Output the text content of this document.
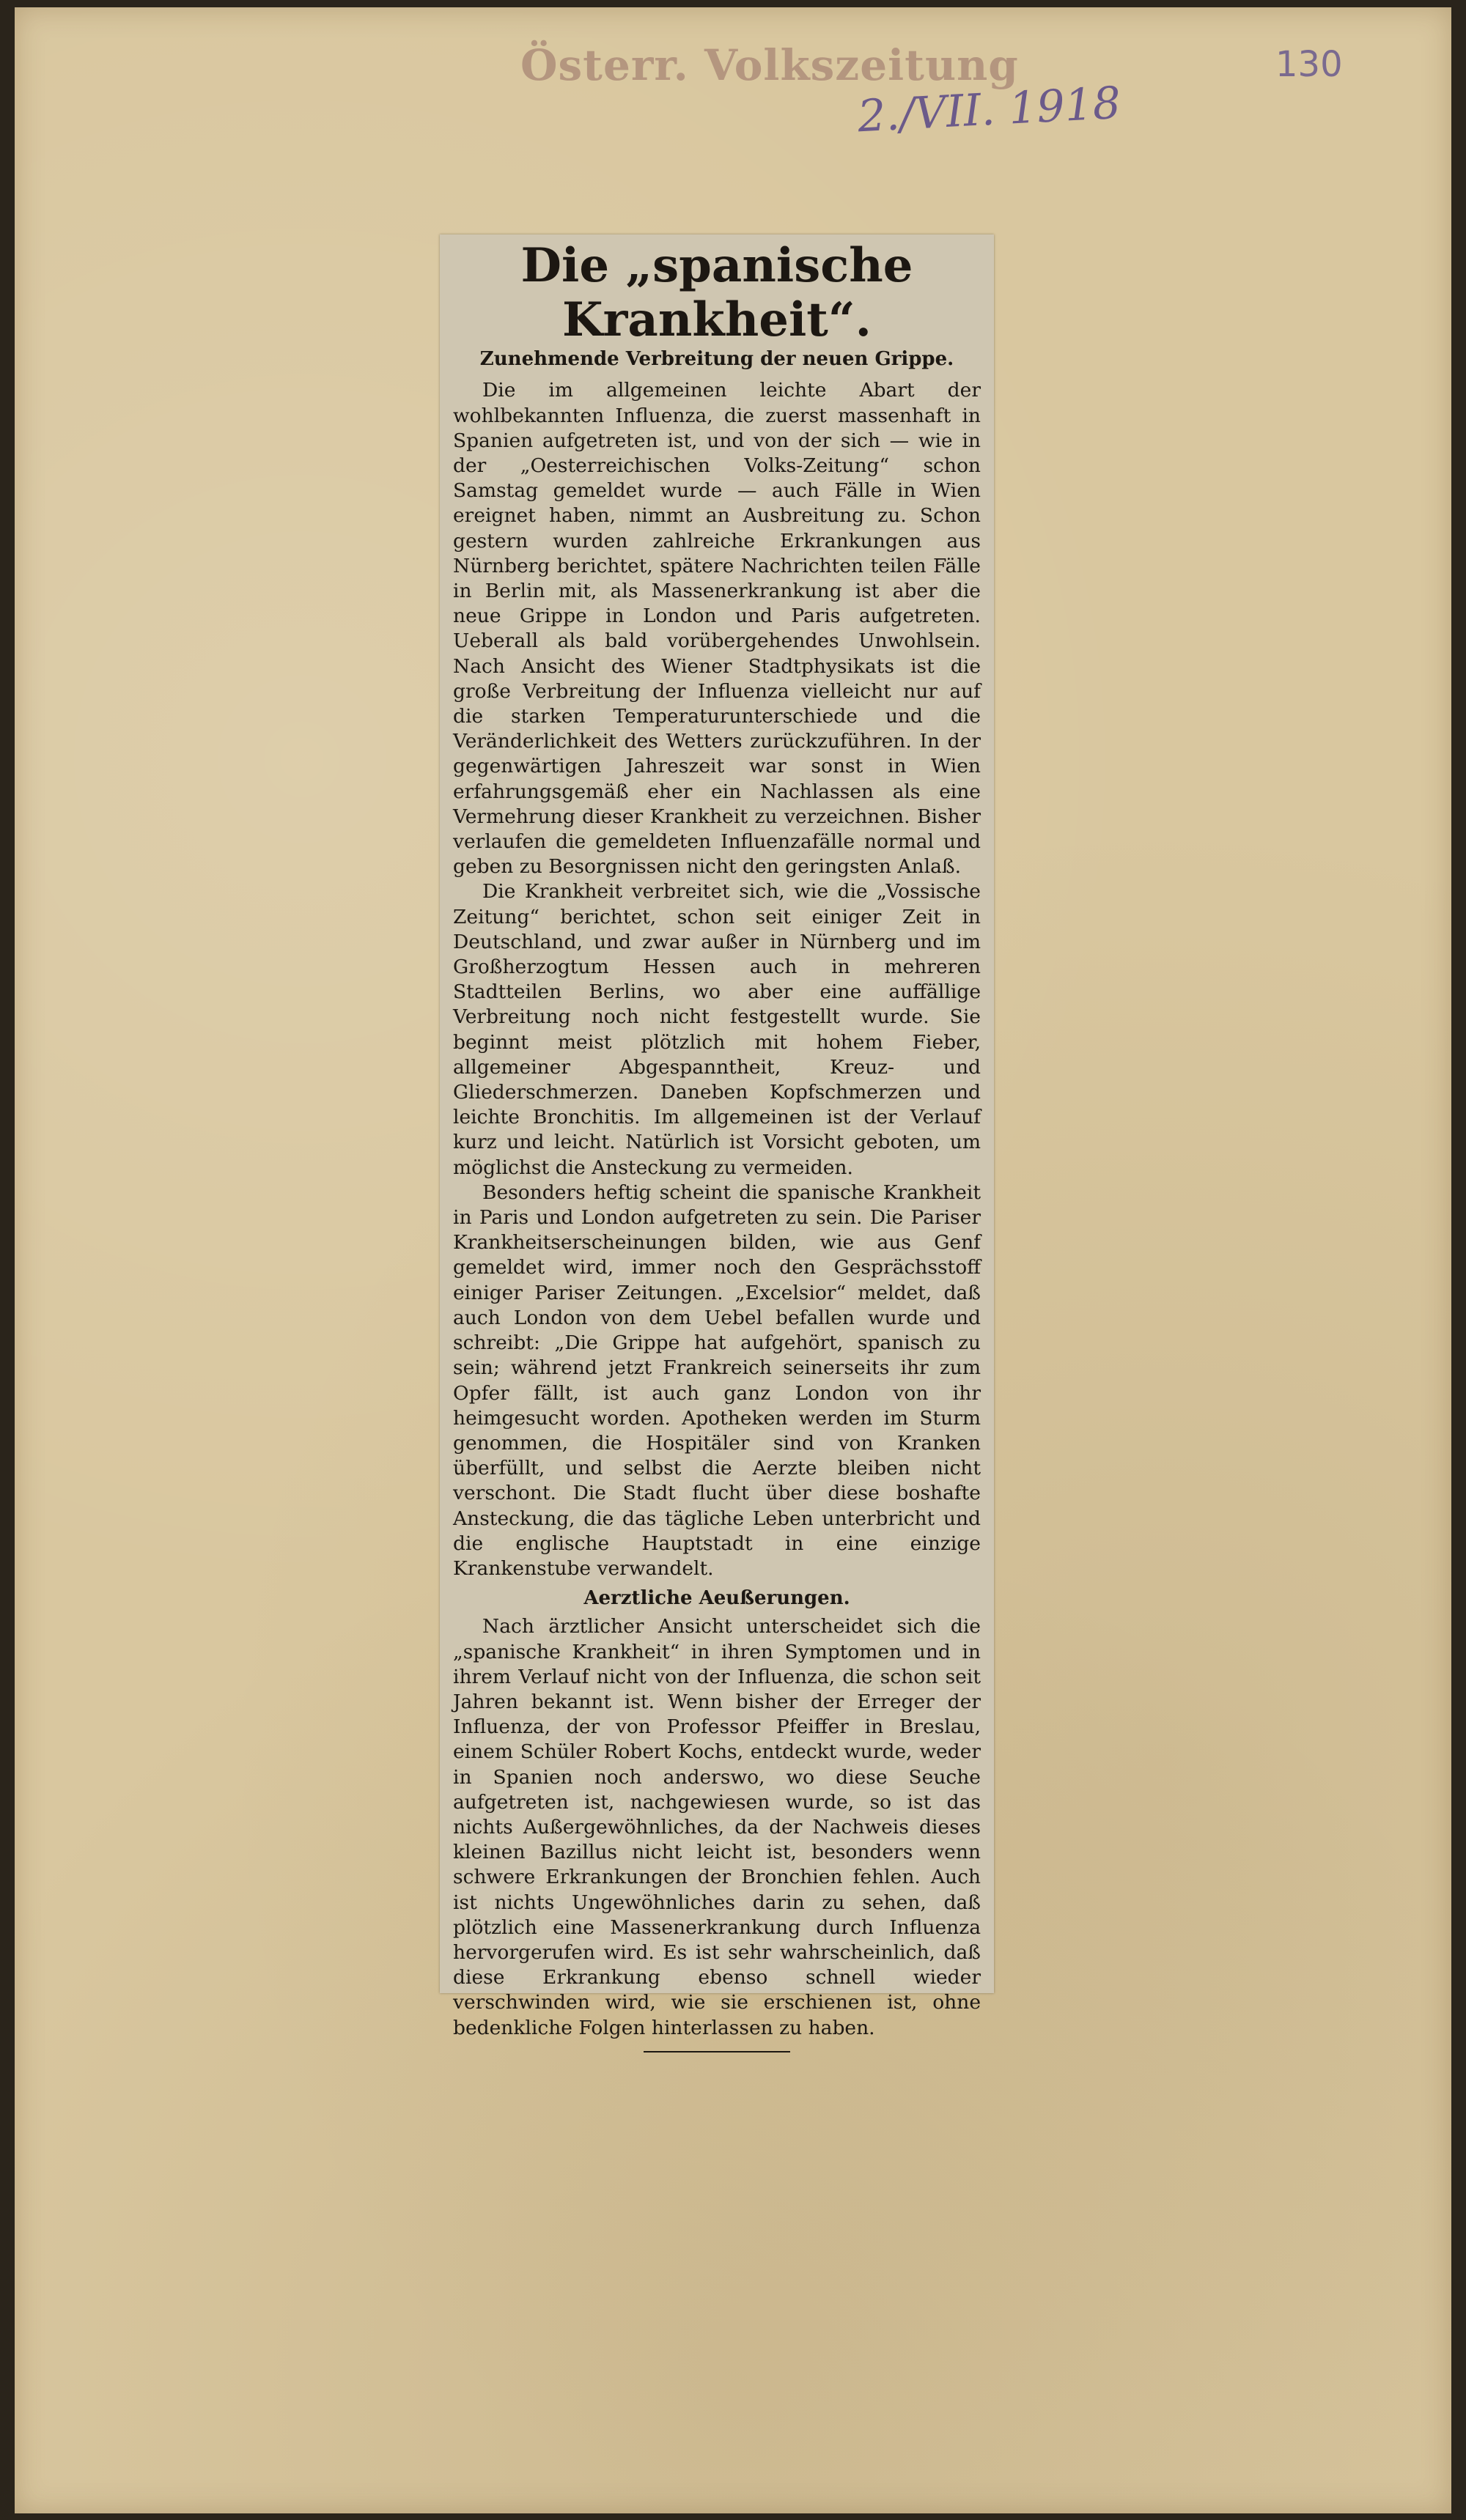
Österr. Volkszeitung
2./VII. 1918
130
Die „spanische Krankheit“.
Zunehmende Verbreitung der neuen Grippe.

Die im allgemeinen leichte Abart der wohlbekannten Influenza, die zuerst massenhaft in Spanien aufgetreten ist, und von der sich — wie in der „Oesterreichischen Volks-Zeitung“ schon Samstag gemeldet wurde — auch Fälle in Wien ereignet haben, nimmt an Ausbreitung zu. Schon gestern wurden zahlreiche Erkrankungen aus Nürnberg berichtet, spätere Nachrichten teilen Fälle in Berlin mit, als Massenerkrankung ist aber die neue Grippe in London und Paris aufgetreten. Ueberall als bald vorübergehendes Unwohlsein. Nach Ansicht des Wiener Stadtphysikats ist die große Verbreitung der Influenza vielleicht nur auf die starken Temperaturunterschiede und die Veränderlichkeit des Wetters zurückzuführen. In der gegenwärtigen Jahreszeit war sonst in Wien erfahrungsgemäß eher ein Nachlassen als eine Vermehrung dieser Krankheit zu verzeichnen. Bisher verlaufen die gemeldeten Influenzafälle normal und geben zu Besorgnissen nicht den geringsten Anlaß.

Die Krankheit verbreitet sich, wie die „Vossische Zeitung“ berichtet, schon seit einiger Zeit in Deutschland, und zwar außer in Nürnberg und im Großherzogtum Hessen auch in mehreren Stadtteilen Berlins, wo aber eine auffällige Verbreitung noch nicht festgestellt wurde. Sie beginnt meist plötzlich mit hohem Fieber, allgemeiner Abgespanntheit, Kreuz- und Gliederschmerzen. Daneben Kopfschmerzen und leichte Bronchitis. Im allgemeinen ist der Verlauf kurz und leicht. Natürlich ist Vorsicht geboten, um möglichst die Ansteckung zu vermeiden.

Besonders heftig scheint die spanische Krankheit in Paris und London aufgetreten zu sein. Die Pariser Krankheitserscheinungen bilden, wie aus Genf gemeldet wird, immer noch den Gesprächsstoff einiger Pariser Zeitungen. „Excelsior“ meldet, daß auch London von dem Uebel befallen wurde und schreibt: „Die Grippe hat aufgehört, spanisch zu sein; während jetzt Frankreich seinerseits ihr zum Opfer fällt, ist auch ganz London von ihr heimgesucht worden. Apotheken werden im Sturm genommen, die Hospitäler sind von Kranken überfüllt, und selbst die Aerzte bleiben nicht verschont. Die Stadt flucht über diese boshafte Ansteckung, die das tägliche Leben unterbricht und die englische Hauptstadt in eine einzige Krankenstube verwandelt.

Aerztliche Aeußerungen.

Nach ärztlicher Ansicht unterscheidet sich die „spanische Krankheit“ in ihren Symptomen und in ihrem Verlauf nicht von der Influenza, die schon seit Jahren bekannt ist. Wenn bisher der Erreger der Influenza, der von Professor Pfeiffer in Breslau, einem Schüler Robert Kochs, entdeckt wurde, weder in Spanien noch anderswo, wo diese Seuche aufgetreten ist, nachgewiesen wurde, so ist das nichts Außergewöhnliches, da der Nachweis dieses kleinen Bazillus nicht leicht ist, besonders wenn schwere Erkrankungen der Bronchien fehlen. Auch ist nichts Ungewöhnliches darin zu sehen, daß plötzlich eine Massenerkrankung durch Influenza hervorgerufen wird. Es ist sehr wahrscheinlich, daß diese Erkrankung ebenso schnell wieder verschwinden wird, wie sie erschienen ist, ohne bedenkliche Folgen hinterlassen zu haben.
